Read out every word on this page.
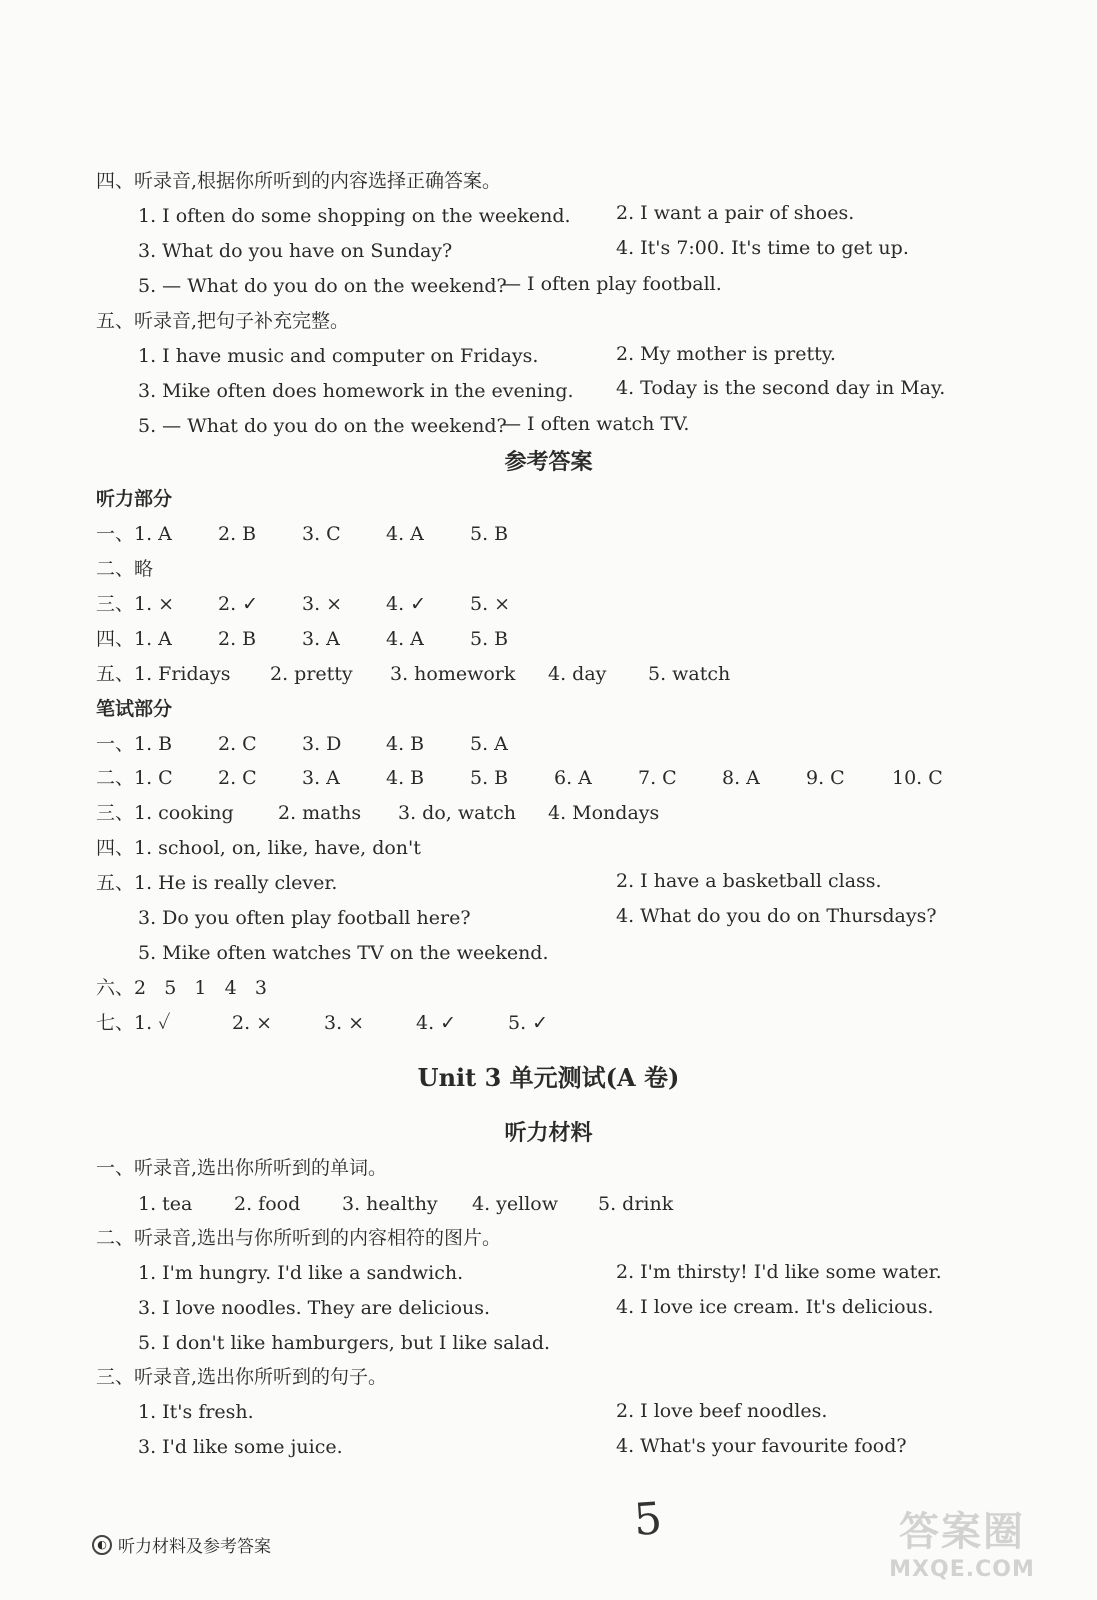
四、听录音,根据你所听到的内容选择正确答案。
1. I often do some shopping on the weekend. 2. I want a pair of shoes.
3. What do you have on Sunday?	4. It's 7:00. It's time to get up.
5. — What do you do on the weekend?
— I often play football.
五、听录音,把句子补充完整。
1. I have music and computer on Fridays.	2. My mother is pretty.
3. Mike often does homework in the evening. 4. Today is the second day in May.
5. — What do you do on the weekend?
— I often watch TV.
参考答案
听力部分
一、1. A 2. B 3. C 4. A 5. B
二、略
三、1. × 2. ✓ 3. × 4. ✓ 5. ×
四、1. A 2. B 3. A 4. A 5. B
五、1. Fridays 2. pretty 3. homework 4. day 5. watch
笔试部分
一、1. B 2. C 3. D 4. B 5. A
二、1. C 2. C 3. A 4. B 5. B 6. A 7. C 8. A 9. C 10. C
三、1. cooking 2. maths 3. do, watch 4. Mondays
四、1. school, on, like, have, don't
五、1. He is really clever.	2. I have a basketball class.
3. Do you often play football here?	4. What do you do on Thursdays?
5. Mike often watches TV on the weekend.
六、2   5   1   4   3
七、1. ✓	2. ×	3. ×	4. ✓	5. ✓
Unit 3 单元测试(A 卷)
听力材料
一、听录音,选出你所听到的单词。
1. tea 2. food 3. healthy 4. yellow 5. drink
二、听录音,选出与你所听到的内容相符的图片。
1. I'm hungry. I'd like a sandwich.	2. I'm thirsty! I'd like some water.
3. I love noodles. They are delicious.	4. I love ice cream. It's delicious.
5. I don't like hamburgers, but I like salad.
三、听录音,选出你所听到的句子。
1. It's fresh.	2. I love beef noodles.
3. I'd like some juice.	4. What's your favourite food?
◐ 听力材料及参考答案
5	答案圈
MXQE.COM
